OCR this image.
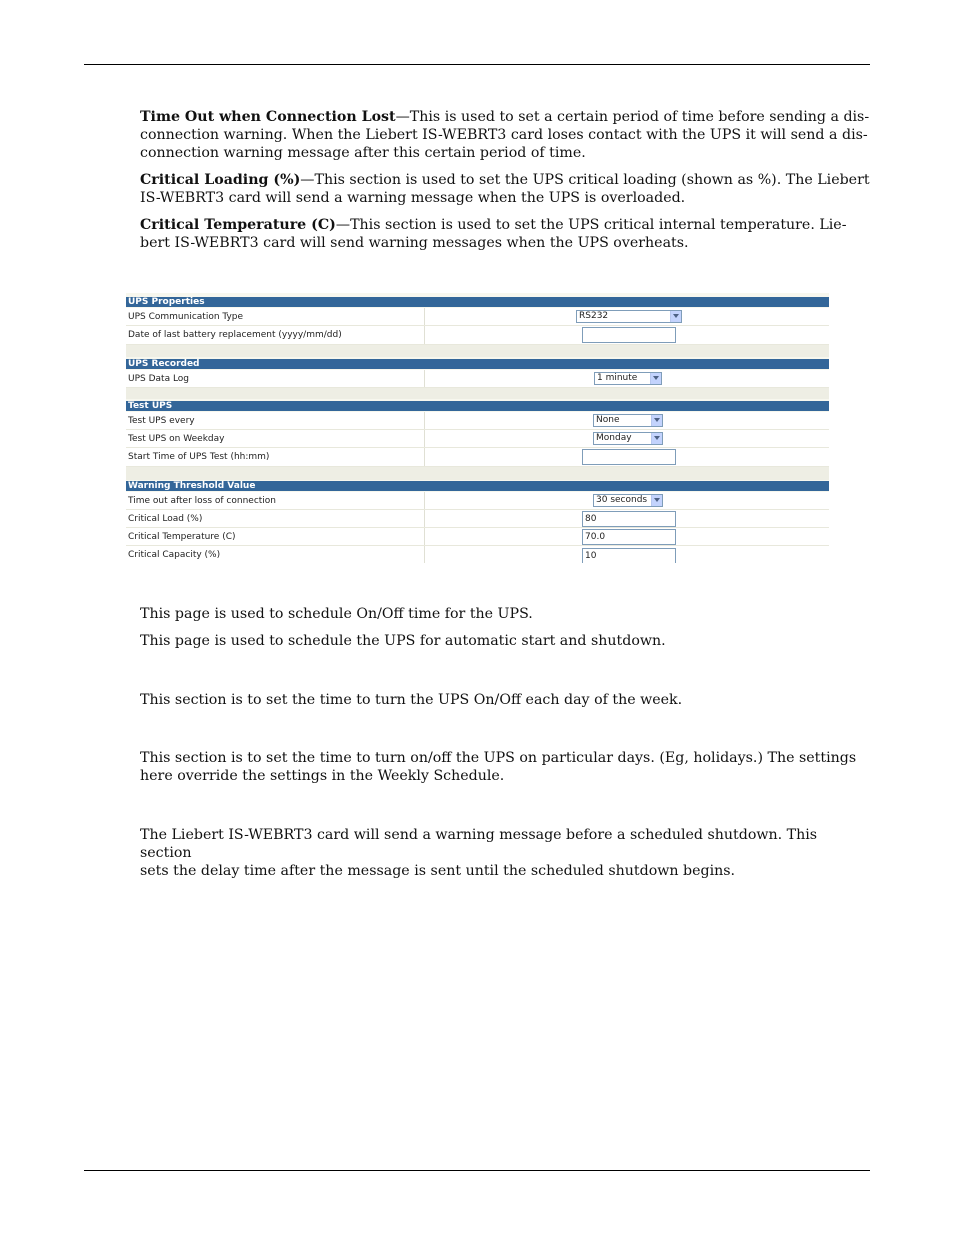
Time Out when Connection Lost—This is used to set a certain period of time before sending a dis-
connection warning. When the Liebert IS-WEBRT3 card loses contact with the UPS it will send a dis-
connection warning message after this certain period of time.

Critical Loading (%)—This section is used to set the UPS critical loading (shown as %). The Liebert
IS-WEBRT3 card will send a warning message when the UPS is overloaded.

Critical Temperature (C)—This section is used to set the UPS critical internal temperature. Lie-
bert IS-WEBRT3 card will send warning messages when the UPS overheats.

UPS Properties
UPS Communication Type	RS232
Date of last battery replacement (yyyy/mm/dd)
UPS Recorded
UPS Data Log	1 minute
Test UPS
Test UPS every	None
Test UPS on Weekday	Monday
Start Time of UPS Test (hh:mm)
Warning Threshold Value
Time out after loss of connection	30 seconds
Critical Load (%)	80
Critical Temperature (C)	70.0
Critical Capacity (%)	10

This page is used to schedule On/Off time for the UPS.

This page is used to schedule the UPS for automatic start and shutdown.

This section is to set the time to turn the UPS On/Off each day of the week.

This section is to set the time to turn on/off the UPS on particular days. (Eg, holidays.) The settings
here override the settings in the Weekly Schedule.

The Liebert IS-WEBRT3 card will send a warning message before a scheduled shutdown. This section
sets the delay time after the message is sent until the scheduled shutdown begins.
